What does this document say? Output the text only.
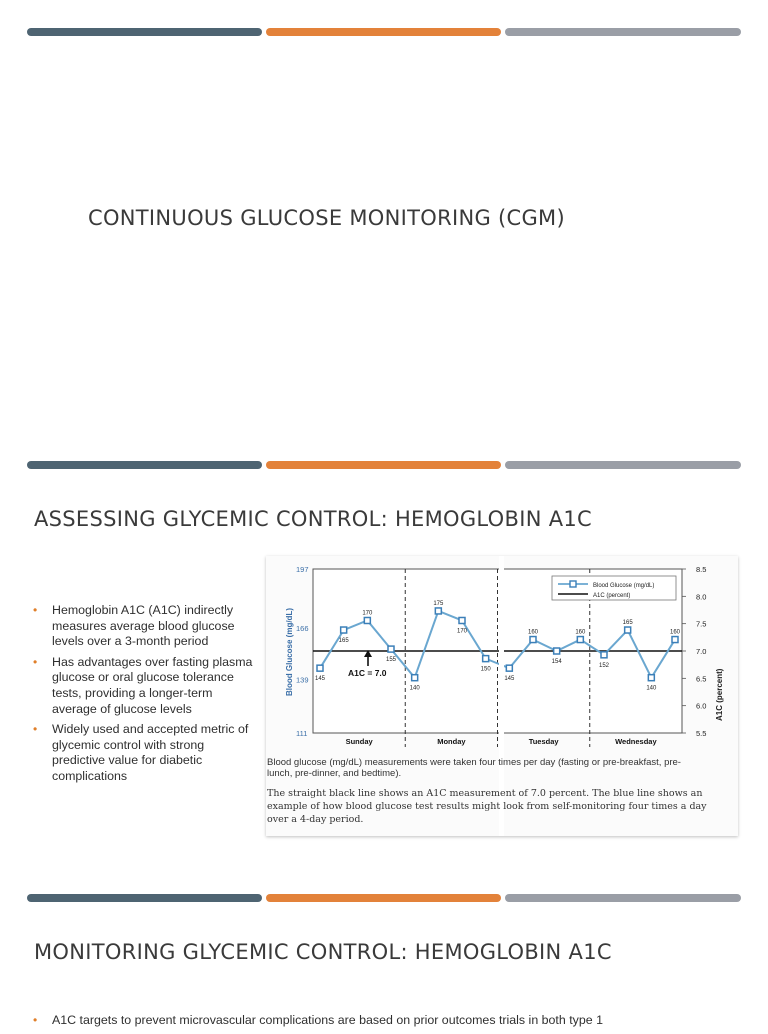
CONTINUOUS GLUCOSE MONITORING (CGM)
ASSESSING GLYCEMIC CONTROL: HEMOGLOBIN A1C
• Hemoglobin A1C (A1C) indirectly measures average blood glucose levels over a 3-month period
• Has advantages over fasting plasma glucose or oral glucose tolerance tests, providing a longer-term average of glucose levels
• Widely used and accepted metric of glycemic control with strong predictive value for diabetic complications
197
166
139
111
8.5
8.0
7.5
7.0
6.5
6.0
5.5
145
165
170
155
140
175
170
150
145
160
154
160
152
165
140
160
Sunday	Monday	Tuesday	Wednesday
A1C = 7.0
Blood Glucose (mg/dL)
A1C (percent)
Blood Glucose (mg/dL)	A1C (percent)
Blood glucose (mg/dL) measurements were taken four times per day (fasting or pre-breakfast, pre-
lunch, pre-dinner, and bedtime).
The straight black line shows an A1C measurement of 7.0 percent. The blue line shows an
example of how blood glucose test results might look from self-monitoring four times a day
over a 4-day period.
MONITORING GLYCEMIC CONTROL: HEMOGLOBIN A1C
• A1C targets to prevent microvascular complications are based on prior outcomes trials in both type 1
